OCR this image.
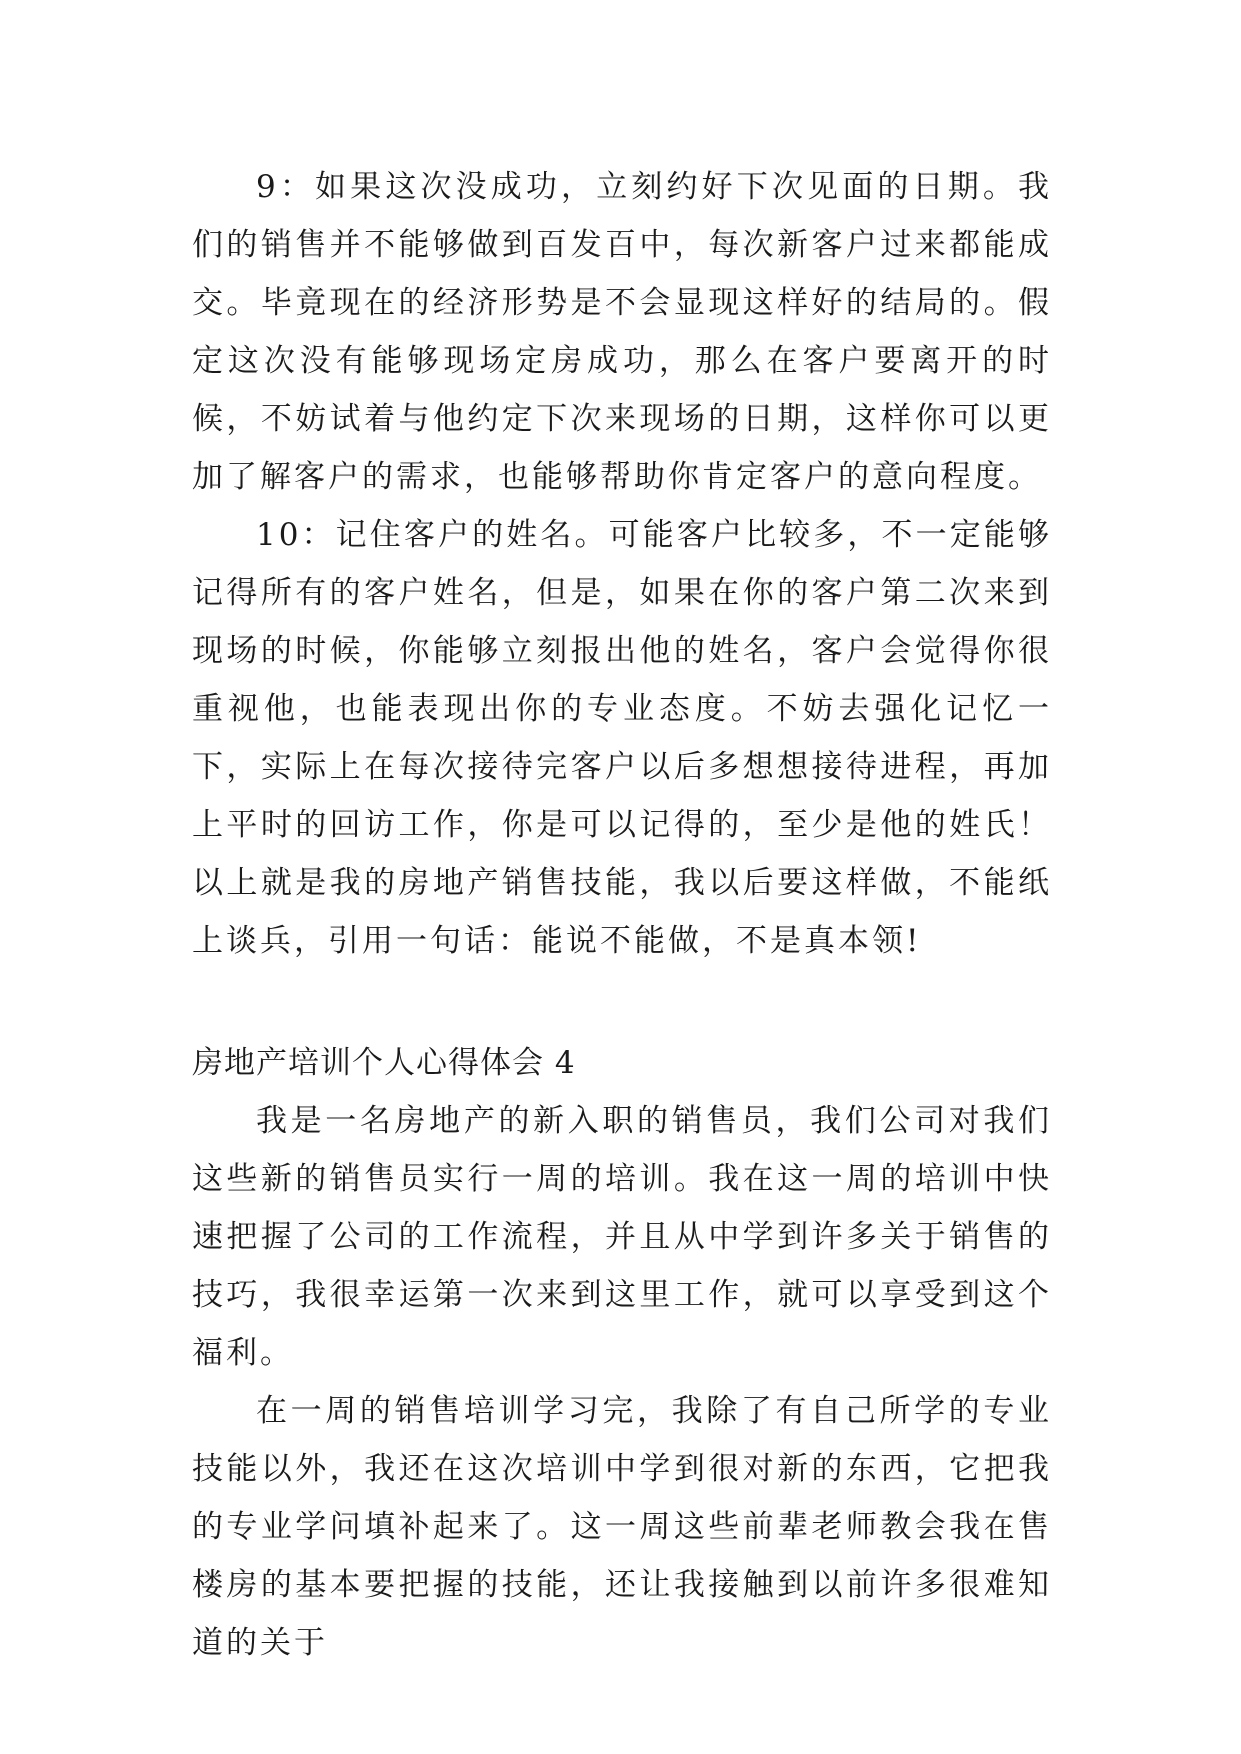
9：如果这次没成功，立刻约好下次见面的日期。我们的销售并不能够做到百发百中，每次新客户过来都能成交。毕竟现在的经济形势是不会显现这样好的结局的。假定这次没有能够现场定房成功，那么在客户要离开的时候，不妨试着与他约定下次来现场的日期，这样你可以更加了解客户的需求，也能够帮助你肯定客户的意向程度。

10：记住客户的姓名。可能客户比较多，不一定能够记得所有的客户姓名，但是，如果在你的客户第二次来到现场的时候，你能够立刻报出他的姓名，客户会觉得你很重视他，也能表现出你的专业态度。不妨去强化记忆一下，实际上在每次接待完客户以后多想想接待进程，再加上平时的回访工作，你是可以记得的，至少是他的姓氏！以上就是我的房地产销售技能，我以后要这样做，不能纸上谈兵，引用一句话：能说不能做，不是真本领!

房地产培训个人心得体会 4

我是一名房地产的新入职的销售员，我们公司对我们这些新的销售员实行一周的培训。我在这一周的培训中快速把握了公司的工作流程，并且从中学到许多关于销售的技巧，我很幸运第一次来到这里工作，就可以享受到这个福利。

在一周的销售培训学习完，我除了有自己所学的专业技能以外，我还在这次培训中学到很对新的东西，它把我的专业学问填补起来了。这一周这些前辈老师教会我在售楼房的基本要把握的技能，还让我接触到以前许多很难知道的关于
